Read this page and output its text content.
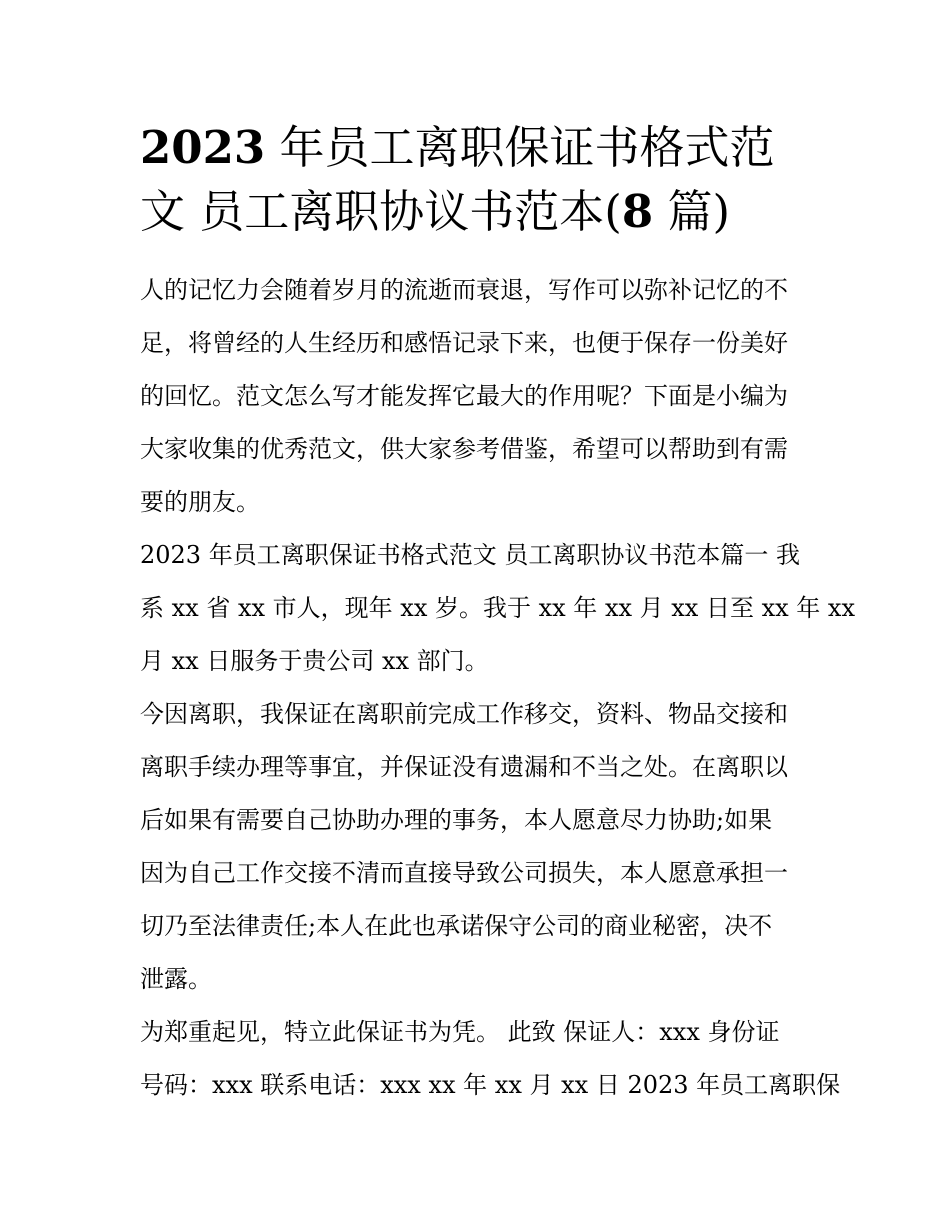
2023 年员工离职保证书格式范
文 员工离职协议书范本(8 篇)
人的记忆力会随着岁月的流逝而衰退，写作可以弥补记忆的不
足，将曾经的人生经历和感悟记录下来，也便于保存一份美好
的回忆。范文怎么写才能发挥它最大的作用呢？下面是小编为
大家收集的优秀范文，供大家参考借鉴，希望可以帮助到有需
要的朋友。
2023 年员工离职保证书格式范文 员工离职协议书范本篇一 我
系 xx 省 xx 市人，现年 xx 岁。我于 xx 年 xx 月 xx 日至 xx 年 xx
月 xx 日服务于贵公司 xx 部门。
今因离职，我保证在离职前完成工作移交，资料、物品交接和
离职手续办理等事宜，并保证没有遗漏和不当之处。在离职以
后如果有需要自己协助办理的事务，本人愿意尽力协助;如果
因为自己工作交接不清而直接导致公司损失，本人愿意承担一
切乃至法律责任;本人在此也承诺保守公司的商业秘密，决不
泄露。
为郑重起见，特立此保证书为凭。 此致 保证人：xxx 身份证
号码：xxx 联系电话：xxx xx 年 xx 月 xx 日 2023 年员工离职保
